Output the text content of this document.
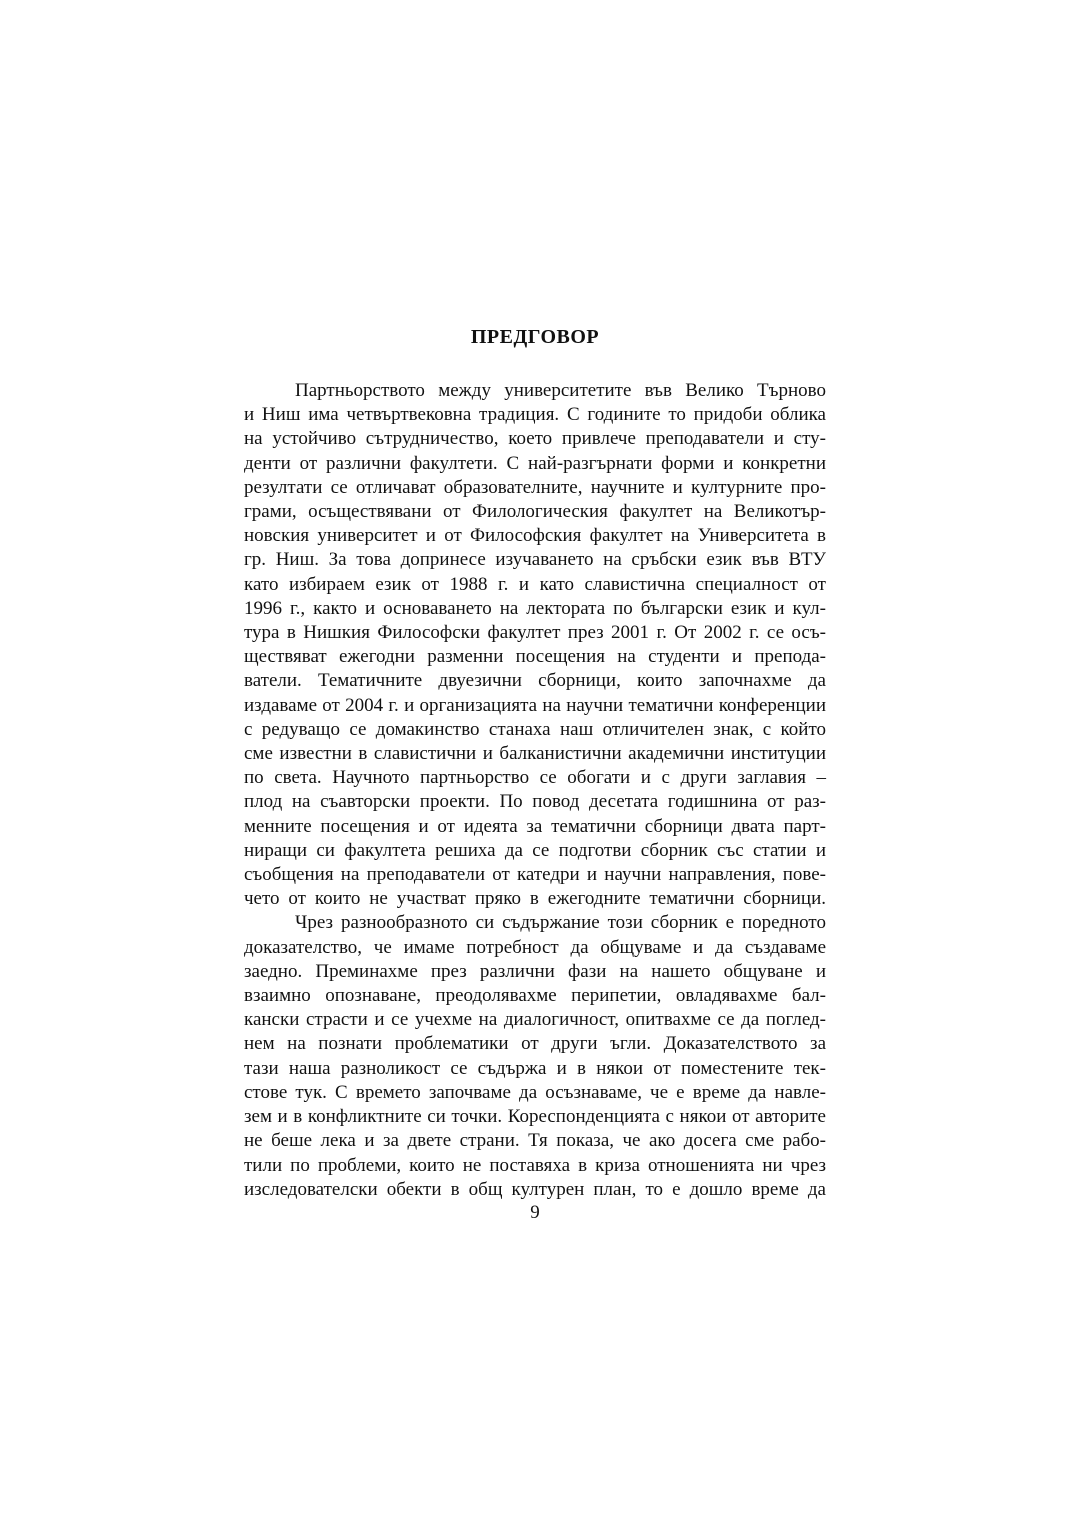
ПРЕДГОВОР
Партньорството между университетите във Велико Търново
и Ниш има четвъртвековна традиция. С годините то придоби облика
на устойчиво сътрудничество, което привлече преподаватели и сту-
денти от различни факултети. С най-разгърнати форми и конкретни
резултати се отличават образователните, научните и културните про-
грами, осъществявани от Филологическия факултет на Великотър-
новския университет и от Философския факултет на Университета в
гр. Ниш. За това допринесе изучаването на сръбски език във ВТУ
като избираем език от 1988 г. и като славистична специалност от
1996 г., както и основаването на лектората по български език и кул-
тура в Нишкия Философски факултет през 2001 г. От 2002 г. се осъ-
ществяват ежегодни разменни посещения на студенти и препода-
ватели. Тематичните двуезични сборници, които започнахме да
издаваме от 2004 г. и организацията на научни тематични конференции
с редуващо се домакинство станаха наш отличителен знак, с който
сме известни в славистични и балканистични академични институции
по света. Научното партньорство се обогати и с други заглавия –
плод на съавторски проекти. По повод десетата годишнина от раз-
менните посещения и от идеята за тематични сборници двата парт-
ниращи си факултета решиха да се подготви сборник със статии и
съобщения на преподаватели от катедри и научни направления, пове-
чето от които не участват пряко в ежегодните тематични сборници.
Чрез разнообразното си съдържание този сборник е поредното
доказателство, че имаме потребност да общуваме и да създаваме
заедно. Преминахме през различни фази на нашето общуване и
взаимно опознаване, преодолявахме перипетии, овладявахме бал-
кански страсти и се учехме на диалогичност, опитвахме се да поглед-
нем на познати проблематики от други ъгли. Доказателството за
тази наша разноликост се съдържа и в някои от поместените тек-
стове тук. С времето започваме да осъзнаваме, че е време да навле-
зем и в конфликтните си точки. Кореспонденцията с някои от авторите
не беше лека и за двете страни. Тя показа, че ако досега сме рабо-
тили по проблеми, които не поставяха в криза отношенията ни чрез
изследователски обекти в общ културен план, то е дошло време да
9
